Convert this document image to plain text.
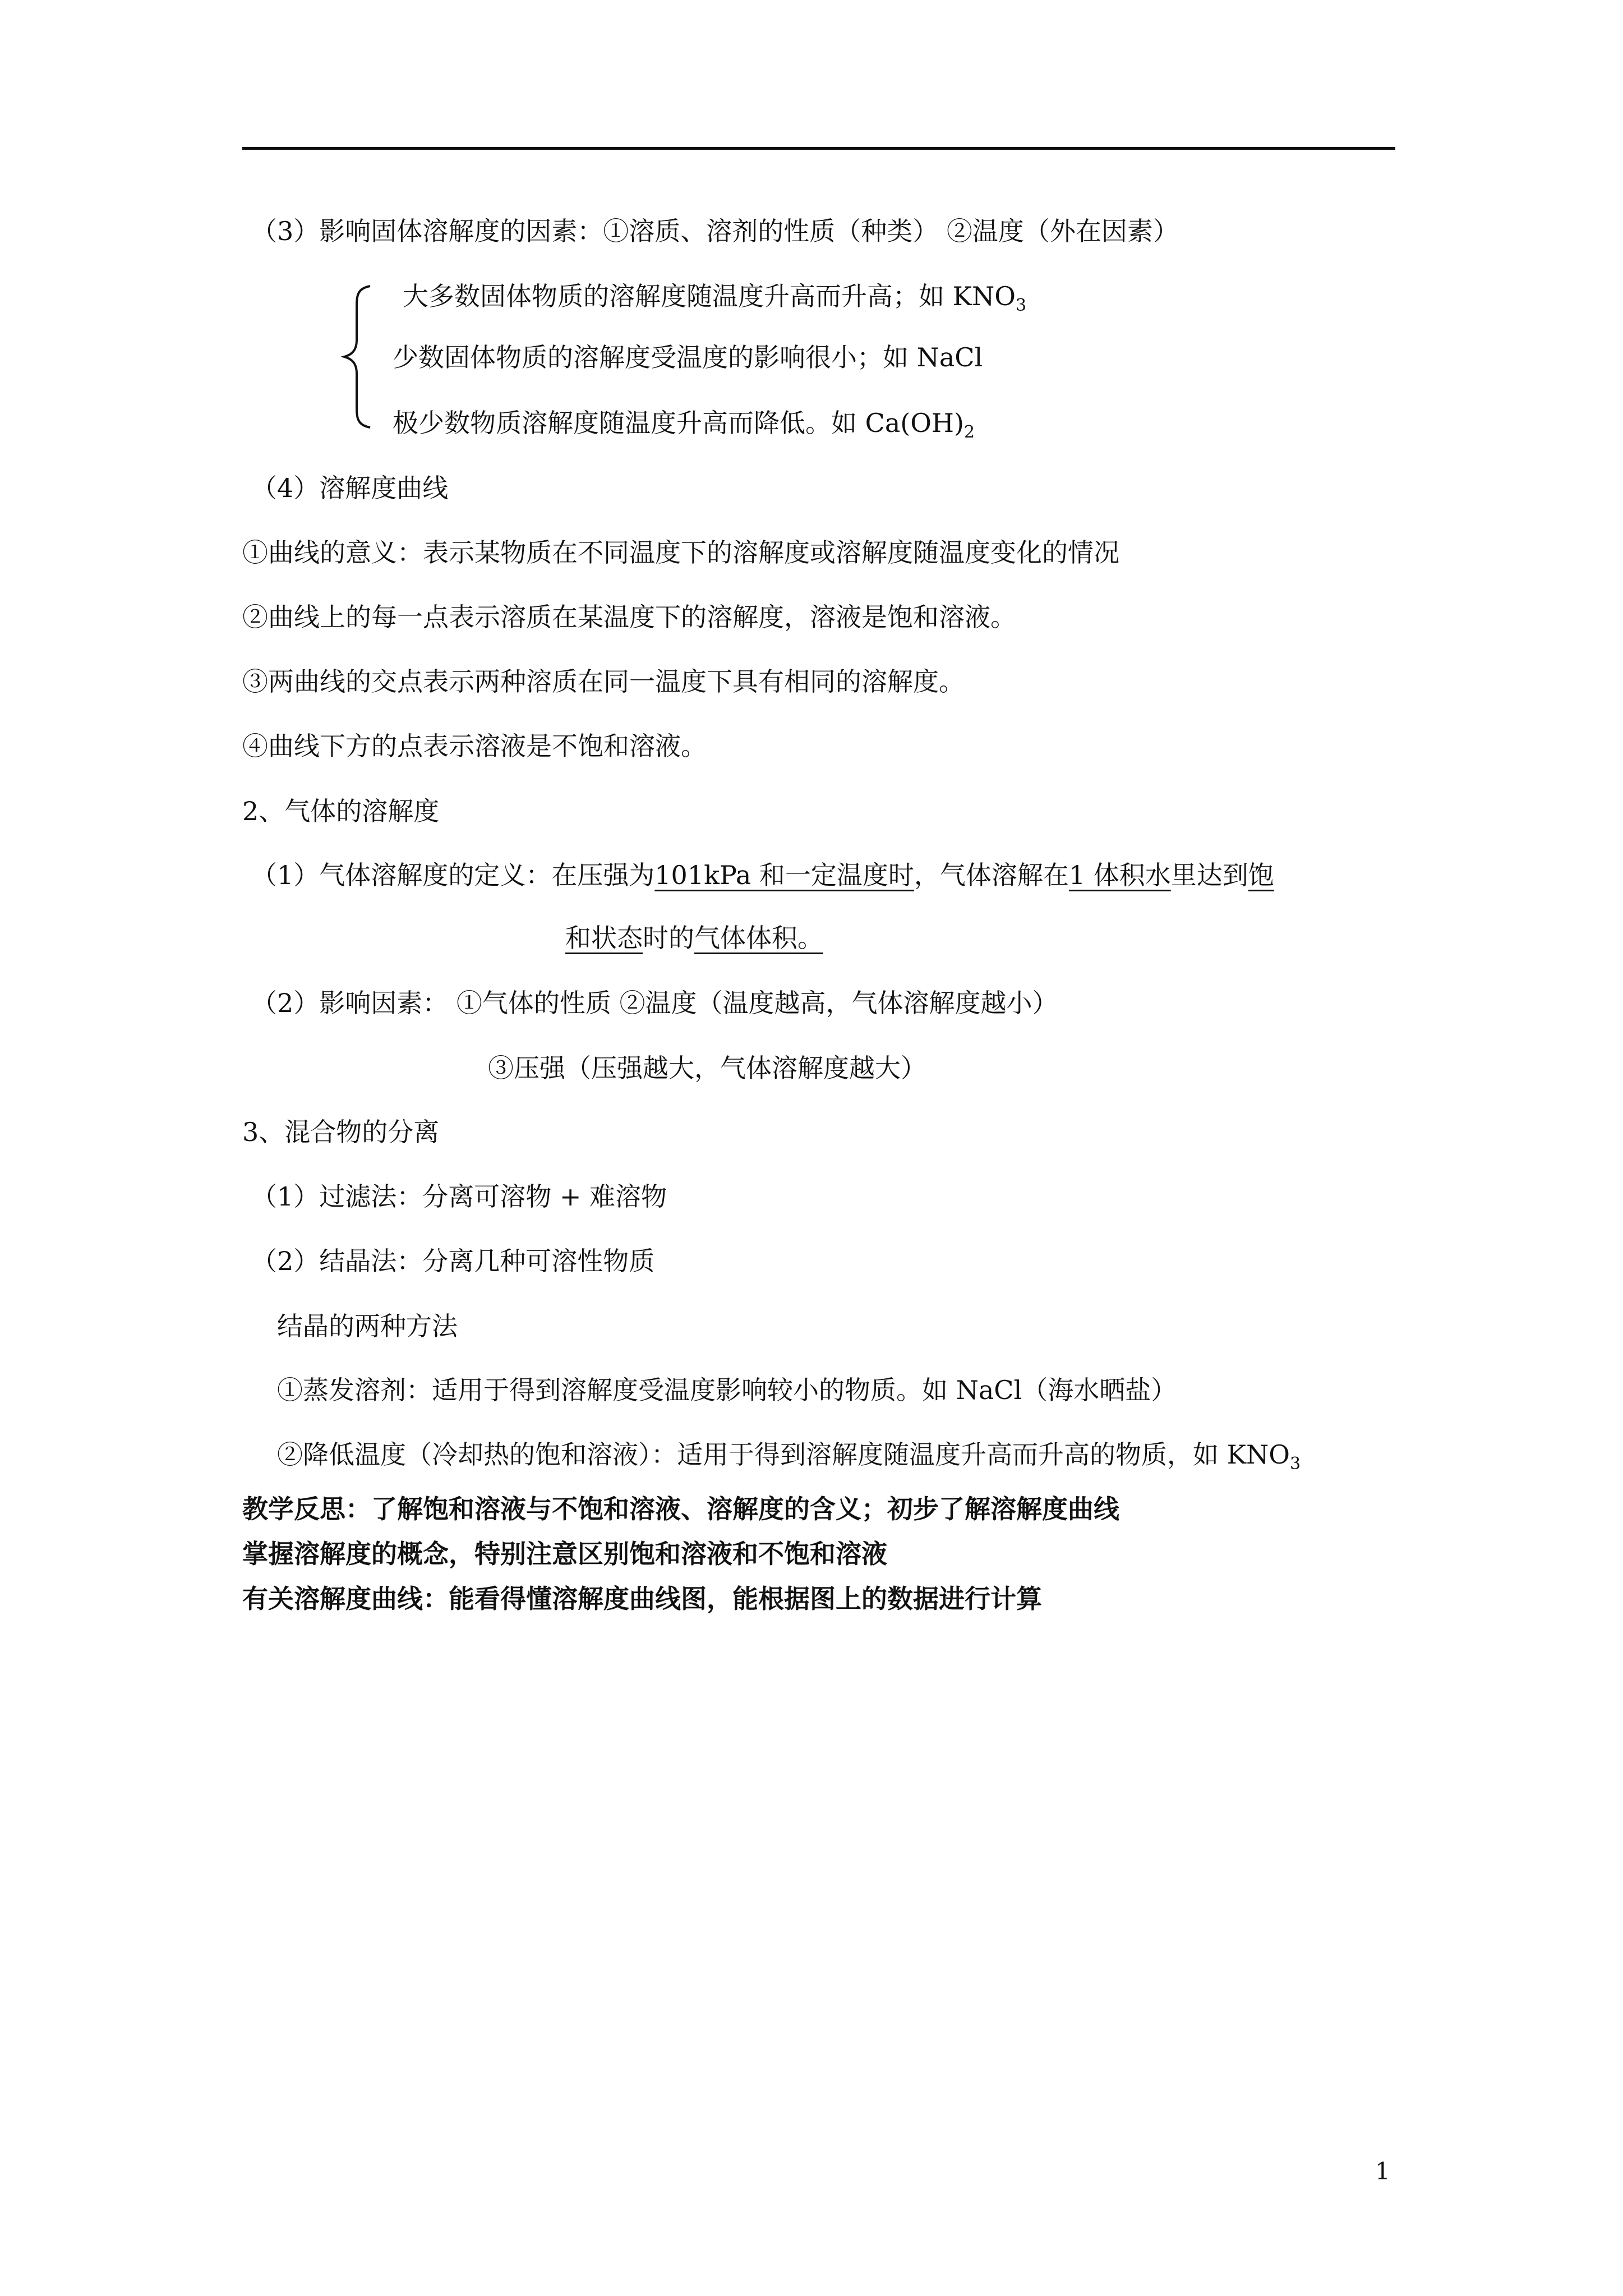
（3）影响固体溶解度的因素：①溶质、溶剂的性质（种类） ②温度（外在因素）
大多数固体物质的溶解度随温度升高而升高；如 $KNO_3$
少数固体物质的溶解度受温度的影响很小；如 NaCl
极少数物质溶解度随温度升高而降低。如 $Ca(OH)_2$
（4）溶解度曲线
①曲线的意义：表示某物质在不同温度下的溶解度或溶解度随温度变化的情况
②曲线上的每一点表示溶质在某温度下的溶解度，溶液是饱和溶液。
③两曲线的交点表示两种溶质在同一温度下具有相同的溶解度。
④曲线下方的点表示溶液是不饱和溶液。
2、气体的溶解度
（1）气体溶解度的定义：在压强为101kPa 和一定温度时，气体溶解在1 体积水里达到饱
和状态时的气体体积。
（2）影响因素： ①气体的性质 ②温度（温度越高，气体溶解度越小）
③压强（压强越大，气体溶解度越大）
3、混合物的分离
（1）过滤法：分离可溶物 + 难溶物
（2）结晶法：分离几种可溶性物质
结晶的两种方法
①蒸发溶剂：适用于得到溶解度受温度影响较小的物质。如 NaCl（海水晒盐）
②降低温度（冷却热的饱和溶液）：适用于得到溶解度随温度升高而升高的物质，如 $KNO_3$
教学反思：了解饱和溶液与不饱和溶液、溶解度的含义；初步了解溶解度曲线
掌握溶解度的概念，特别注意区别饱和溶液和不饱和溶液
有关溶解度曲线：能看得懂溶解度曲线图，能根据图上的数据进行计算
1
